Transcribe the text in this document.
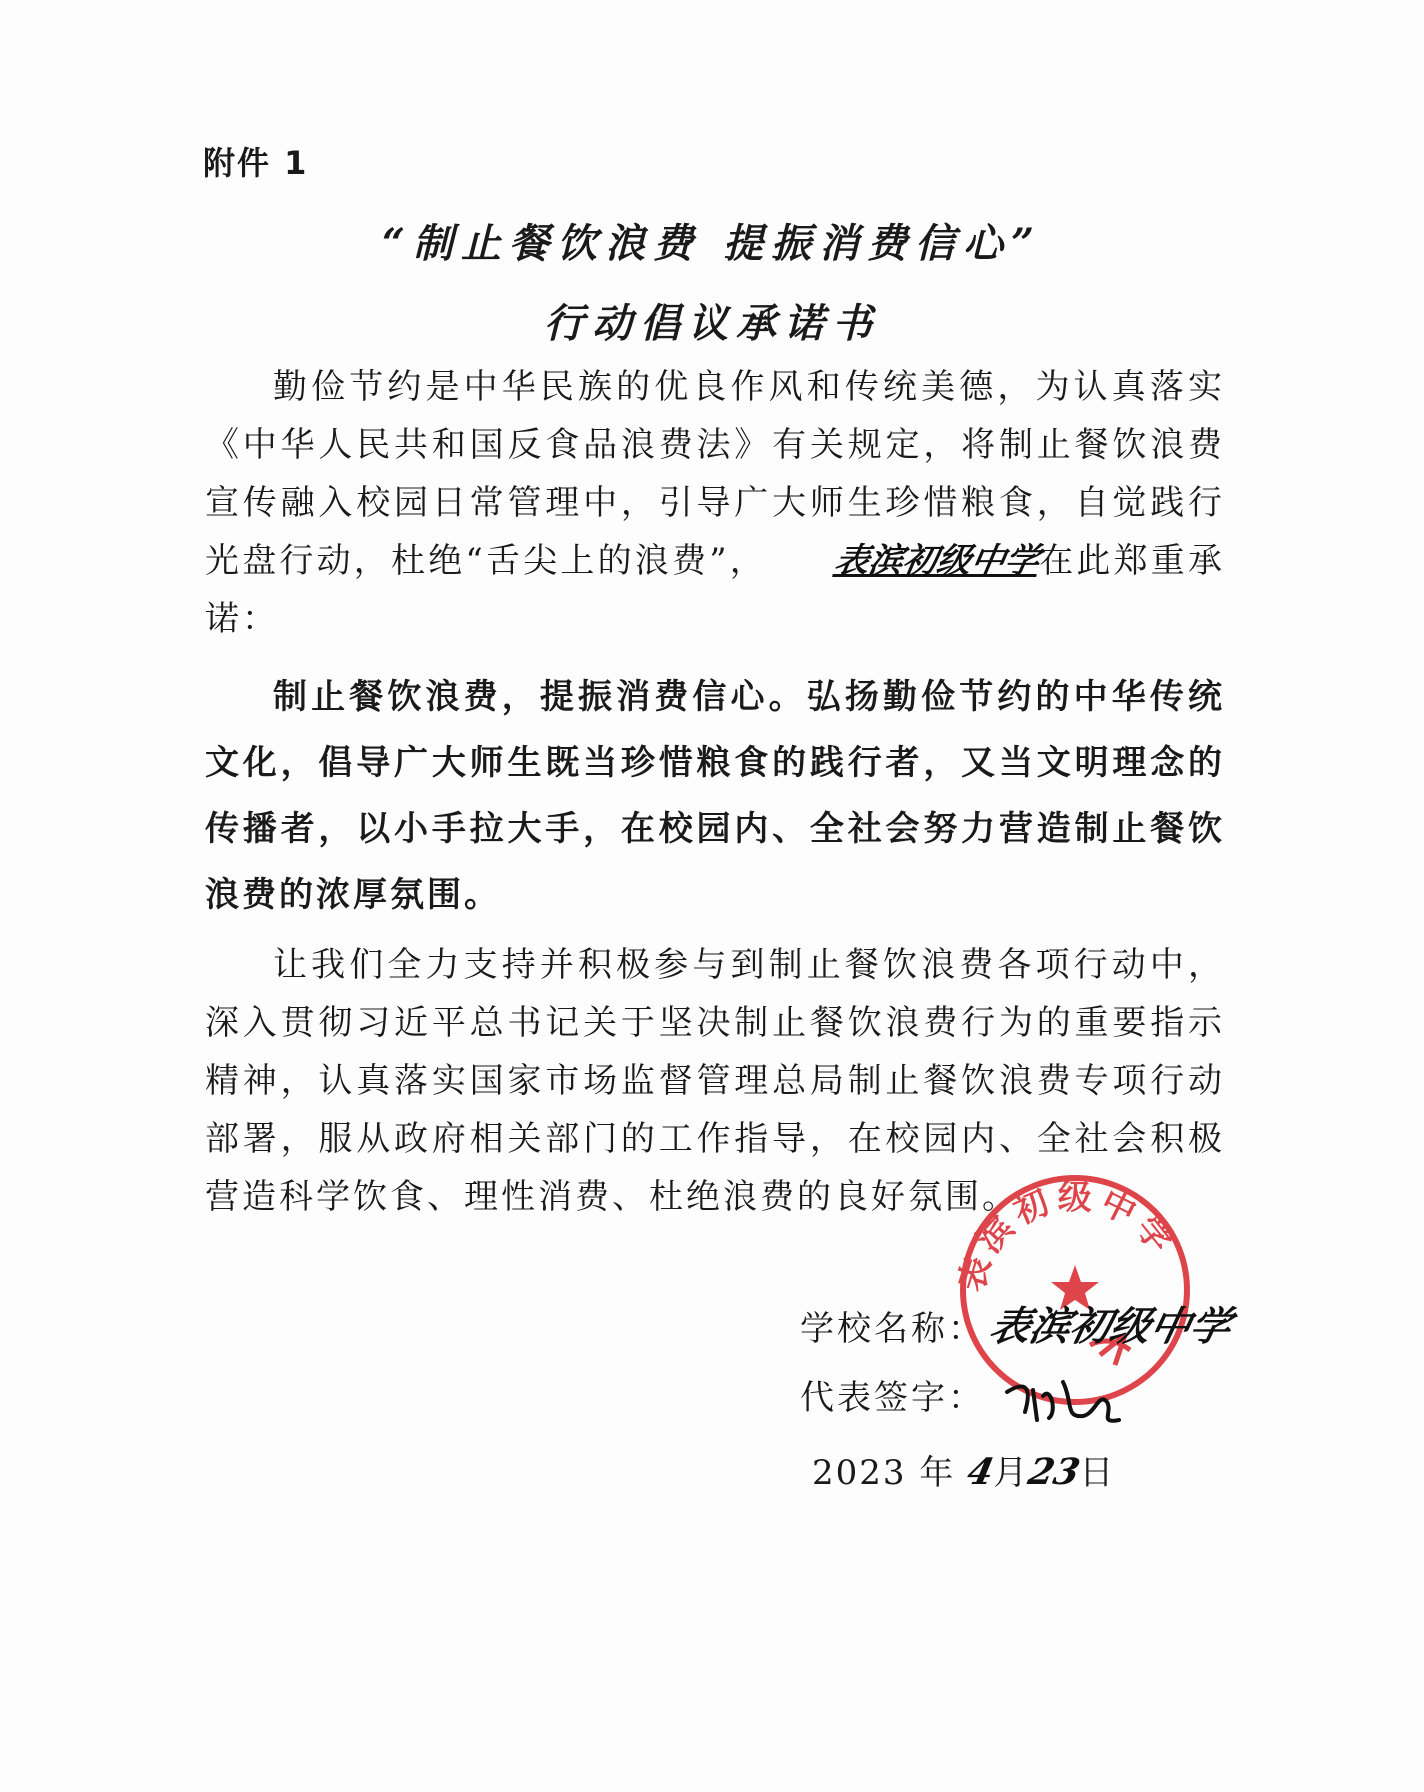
附件 1
“制止餐饮浪费 提振消费信心”
行动倡议承诺书
勤俭节约是中华民族的优良作风和传统美德，为认真落实《中华人民共和国反食品浪费法》有关规定，将制止餐饮浪费宣传融入校园日常管理中，引导广大师生珍惜粮食，自觉践行光盘行动，杜绝“舌尖上的浪费”， 表滨初级中学在此郑重承诺：
制止餐饮浪费，提振消费信心。弘扬勤俭节约的中华传统文化，倡导广大师生既当珍惜粮食的践行者，又当文明理念的传播者，以小手拉大手，在校园内、全社会努力营造制止餐饮浪费的浓厚氛围。
让我们全力支持并积极参与到制止餐饮浪费各项行动中，深入贯彻习近平总书记关于坚决制止餐饮浪费行为的重要指示精神，认真落实国家市场监督管理总局制止餐饮浪费专项行动部署，服从政府相关部门的工作指导，在校园内、全社会积极营造科学饮食、理性消费、杜绝浪费的良好氛围。
表滨初级中学
学校名称：表滨初级中学
代表签字：
2023 年 4月23日
